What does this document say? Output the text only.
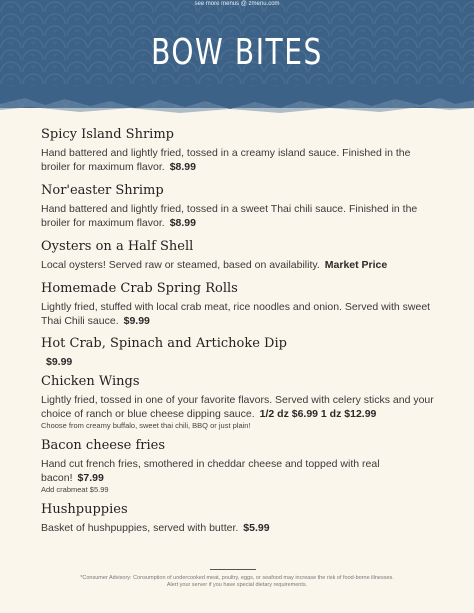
see more menus @ zmenu.com
BOW BITES
Spicy Island Shrimp
Hand battered and lightly fried, tossed in a creamy island sauce. Finished in the broiler for maximum flavor. $8.99
Nor'easter Shrimp
Hand battered and lightly fried, tossed in a sweet Thai chili sauce. Finished in the broiler for maximum flavor. $8.99
Oysters on a Half Shell
Local oysters! Served raw or steamed, based on availability. Market Price
Homemade Crab Spring Rolls
Lightly fried, stuffed with local crab meat, rice noodles and onion. Served with sweet Thai Chili sauce. $9.99
Hot Crab, Spinach and Artichoke Dip
$9.99
Chicken Wings
Lightly fried, tossed in one of your favorite flavors. Served with celery sticks and your choice of ranch or blue cheese dipping sauce. 1/2 dz $6.99 1 dz $12.99
Choose from creamy buffalo, sweet thai chili, BBQ or just plain!
Bacon cheese fries
Hand cut french fries, smothered in cheddar cheese and topped with real bacon! $7.99
Add crabmeat $5.99
Hushpuppies
Basket of hushpuppies, served with butter. $5.99
*Consumer Advisory: Consumption of undercooked meat, poultry, eggs, or seafood may increase the risk of food-borne illnesses. Alert your server if you have special dietary requirements.
